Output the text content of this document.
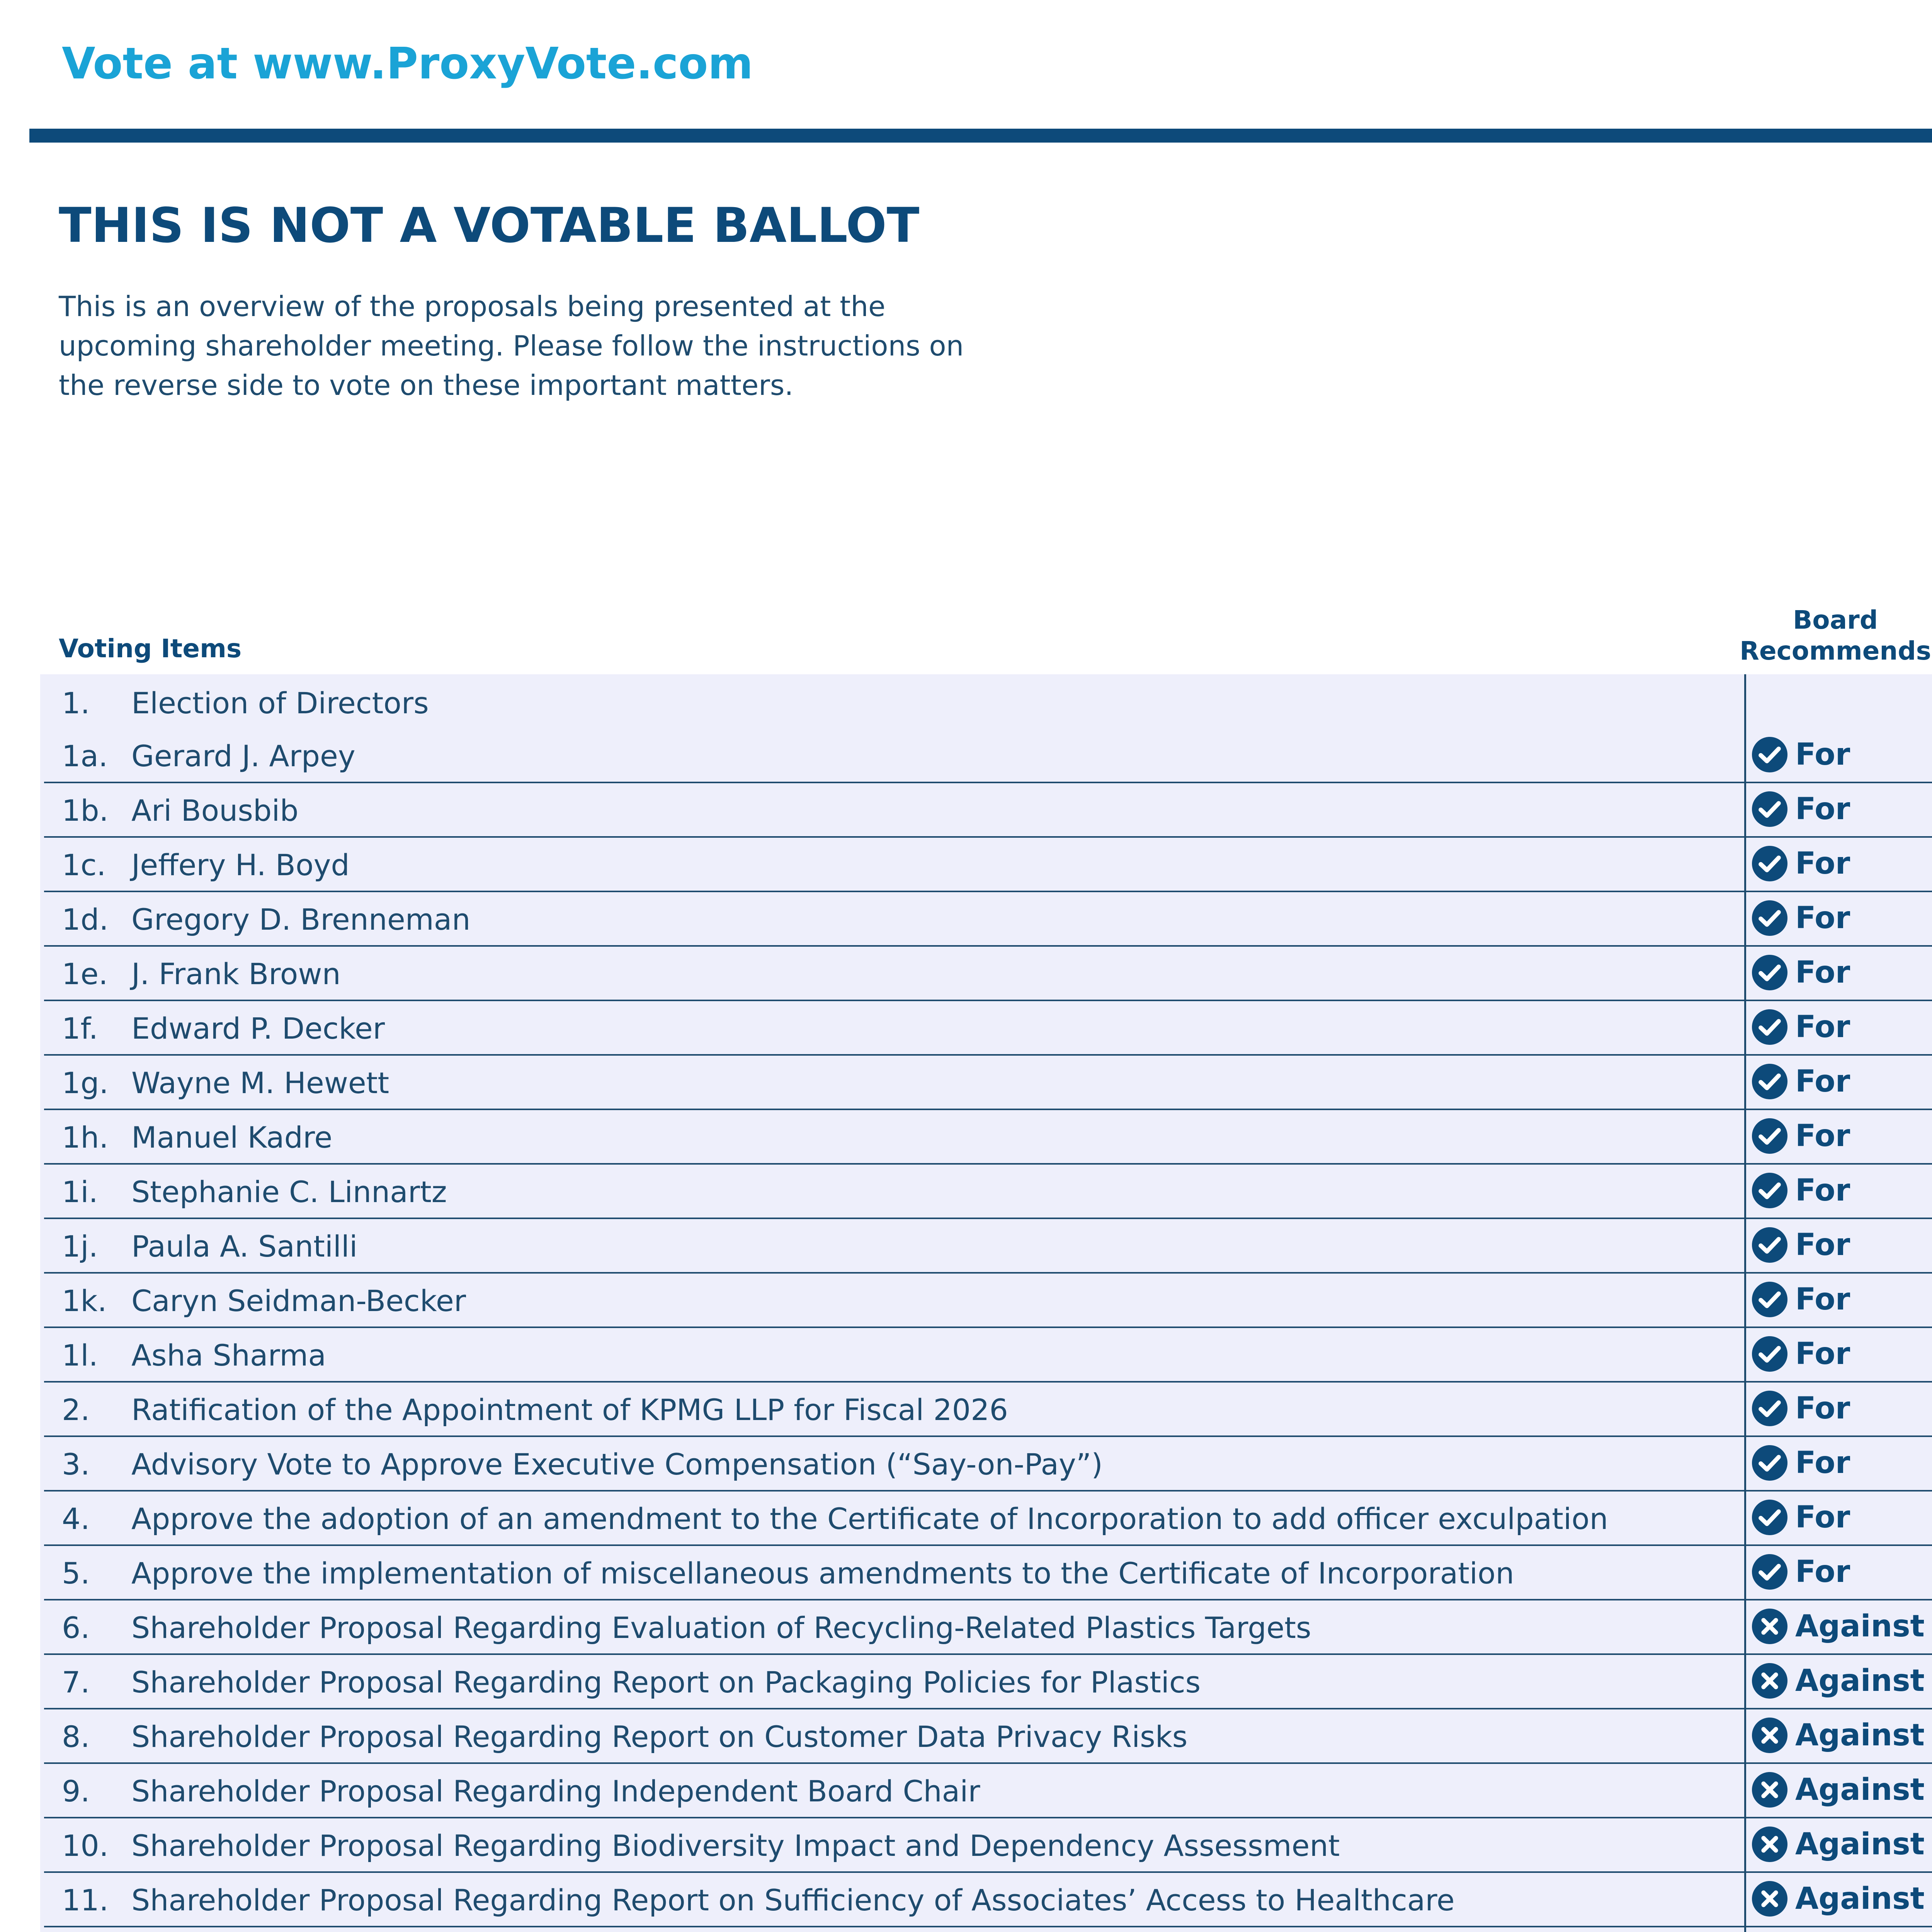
Vote at www.ProxyVote.com
THIS IS NOT A VOTABLE BALLOT
This is an overview of the proposals being presented at the upcoming shareholder meeting. Please follow the instructions on the reverse side to vote on these important matters.
Voting Items
Board Recommends
1. Election of Directors
1a. Gerard J. Arpey	For
1b. Ari Bousbib	For
1c. Jeffery H. Boyd	For
1d. Gregory D. Brenneman	For
1e. J. Frank Brown	For
1f. Edward P. Decker	For
1g. Wayne M. Hewett	For
1h. Manuel Kadre	For
1i. Stephanie C. Linnartz	For
1j. Paula A. Santilli	For
1k. Caryn Seidman-Becker	For
1l. Asha Sharma	For
2. Ratification of the Appointment of KPMG LLP for Fiscal 2026	For
3. Advisory Vote to Approve Executive Compensation (“Say-on-Pay”)	For
4. Approve the adoption of an amendment to the Certificate of Incorporation to add officer exculpation	For
5. Approve the implementation of miscellaneous amendments to the Certificate of Incorporation	For
6. Shareholder Proposal Regarding Evaluation of Recycling-Related Plastics Targets	Against
7. Shareholder Proposal Regarding Report on Packaging Policies for Plastics	Against
8. Shareholder Proposal Regarding Report on Customer Data Privacy Risks	Against
9. Shareholder Proposal Regarding Independent Board Chair	Against
10. Shareholder Proposal Regarding Biodiversity Impact and Dependency Assessment	Against
11. Shareholder Proposal Regarding Report on Sufficiency of Associates’ Access to Healthcare	Against
